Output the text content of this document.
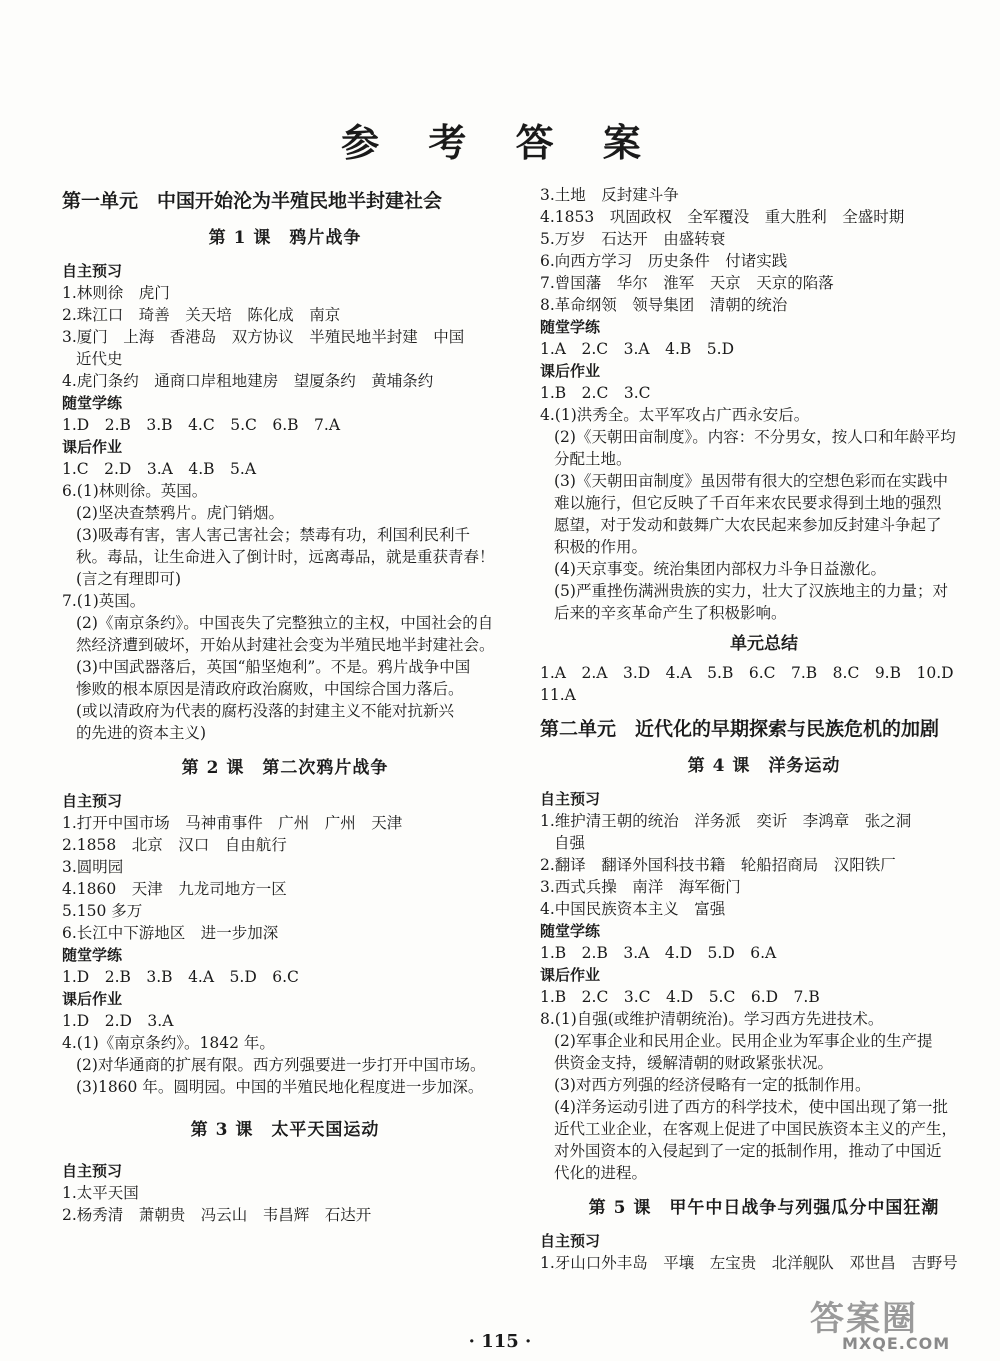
参 考 答 案
第一单元　中国开始沦为半殖民地半封建社会
第 1 课　鸦片战争
自主预习
1.林则徐　虎门
2.珠江口　琦善　关天培　陈化成　南京
3.厦门　上海　香港岛　双方协议　半殖民地半封建　中国
近代史
4.虎门条约　通商口岸租地建房　望厦条约　黄埔条约
随堂学练
1.D　2.B　3.B　4.C　5.C　6.B　7.A
课后作业
1.C　2.D　3.A　4.B　5.A
6.(1)林则徐。英国。
(2)坚决查禁鸦片。虎门销烟。
(3)吸毒有害，害人害己害社会；禁毒有功，利国利民利千
秋。毒品，让生命进入了倒计时，远离毒品，就是重获青春！
(言之有理即可)
7.(1)英国。
(2)《南京条约》。中国丧失了完整独立的主权，中国社会的自
然经济遭到破坏，开始从封建社会变为半殖民地半封建社会。
(3)中国武器落后，英国“船坚炮利”。不是。鸦片战争中国
惨败的根本原因是清政府政治腐败，中国综合国力落后。
(或以清政府为代表的腐朽没落的封建主义不能对抗新兴
的先进的资本主义)
第 2 课　第二次鸦片战争
自主预习
1.打开中国市场　马神甫事件　广州　广州　天津
2.1858　北京　汉口　自由航行
3.圆明园
4.1860　天津　九龙司地方一区
5.150 多万
6.长江中下游地区　进一步加深
随堂学练
1.D　2.B　3.B　4.A　5.D　6.C
课后作业
1.D　2.D　3.A
4.(1)《南京条约》。1842 年。
(2)对华通商的扩展有限。西方列强要进一步打开中国市场。
(3)1860 年。圆明园。中国的半殖民地化程度进一步加深。
第 3 课　太平天国运动
自主预习
1.太平天国
2.杨秀清　萧朝贵　冯云山　韦昌辉　石达开
3.土地　反封建斗争
4.1853　巩固政权　全军覆没　重大胜利　全盛时期
5.万岁　石达开　由盛转衰
6.向西方学习　历史条件　付诸实践
7.曾国藩　华尔　淮军　天京　天京的陷落
8.革命纲领　领导集团　清朝的统治
随堂学练
1.A　2.C　3.A　4.B　5.D
课后作业
1.B　2.C　3.C
4.(1)洪秀全。太平军攻占广西永安后。
(2)《天朝田亩制度》。内容：不分男女，按人口和年龄平均
分配土地。
(3)《天朝田亩制度》虽因带有很大的空想色彩而在实践中
难以施行，但它反映了千百年来农民要求得到土地的强烈
愿望，对于发动和鼓舞广大农民起来参加反封建斗争起了
积极的作用。
(4)天京事变。统治集团内部权力斗争日益激化。
(5)严重挫伤满洲贵族的实力，壮大了汉族地主的力量；对
后来的辛亥革命产生了积极影响。
单元总结
1.A　2.A　3.D　4.A　5.B　6.C　7.B　8.C　9.B　10.D
11.A
第二单元　近代化的早期探索与民族危机的加剧
第 4 课　洋务运动
自主预习
1.维护清王朝的统治　洋务派　奕䜣　李鸿章　张之洞
自强
2.翻译　翻译外国科技书籍　轮船招商局　汉阳铁厂
3.西式兵操　南洋　海军衙门
4.中国民族资本主义　富强
随堂学练
1.B　2.B　3.A　4.D　5.D　6.A
课后作业
1.B　2.C　3.C　4.D　5.C　6.D　7.B
8.(1)自强(或维护清朝统治)。学习西方先进技术。
(2)军事企业和民用企业。民用企业为军事企业的生产提
供资金支持，缓解清朝的财政紧张状况。
(3)对西方列强的经济侵略有一定的抵制作用。
(4)洋务运动引进了西方的科学技术，使中国出现了第一批
近代工业企业，在客观上促进了中国民族资本主义的产生，
对外国资本的入侵起到了一定的抵制作用，推动了中国近
代化的进程。
第 5 课　甲午中日战争与列强瓜分中国狂潮
自主预习
1.牙山口外丰岛　平壤　左宝贵　北洋舰队　邓世昌　吉野号
· 115 ·
答案圈
MXQE.COM
